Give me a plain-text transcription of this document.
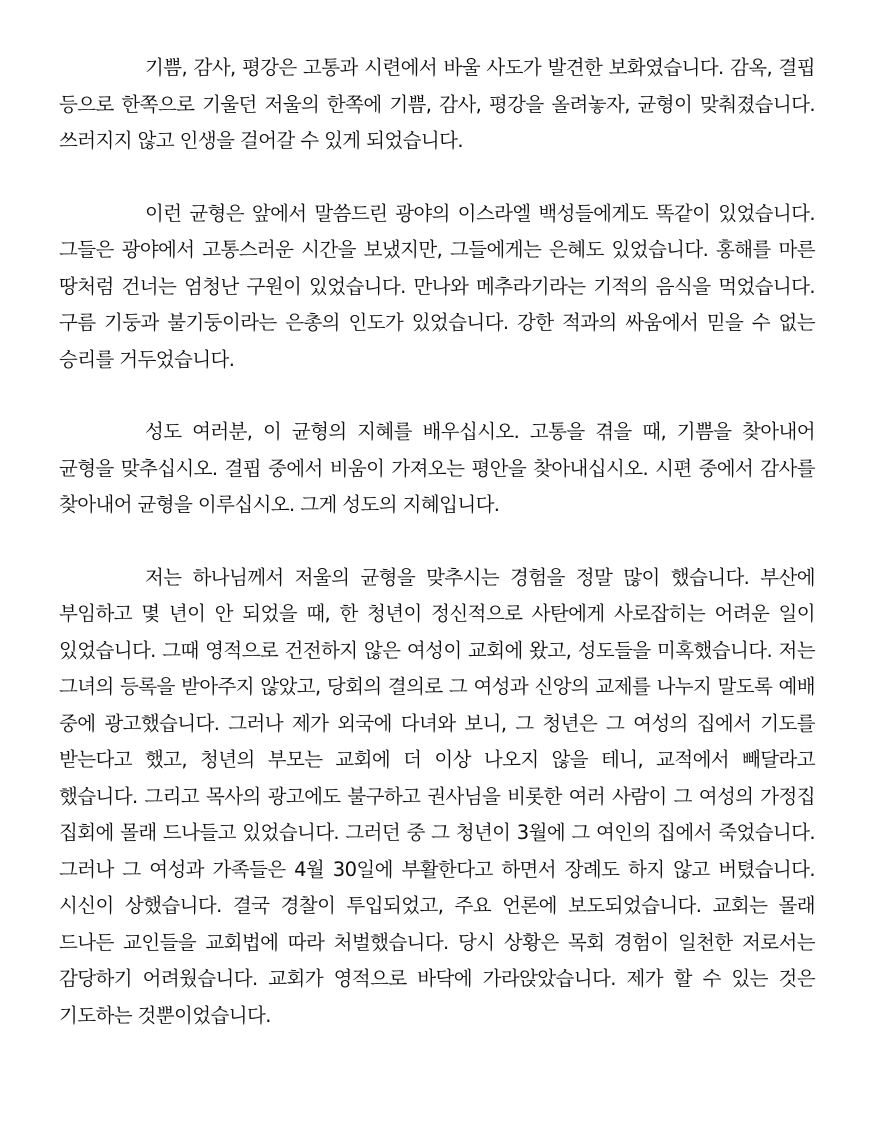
기쁨, 감사, 평강은 고통과 시련에서 바울 사도가 발견한 보화였습니다. 감옥, 결핍 등으로 한쪽으로 기울던 저울의 한쪽에 기쁨, 감사, 평강을 올려놓자, 균형이 맞춰졌습니다. 쓰러지지 않고 인생을 걸어갈 수 있게 되었습니다.

이런 균형은 앞에서 말씀드린 광야의 이스라엘 백성들에게도 똑같이 있었습니다. 그들은 광야에서 고통스러운 시간을 보냈지만, 그들에게는 은혜도 있었습니다. 홍해를 마른 땅처럼 건너는 엄청난 구원이 있었습니다. 만나와 메추라기라는 기적의 음식을 먹었습니다. 구름 기둥과 불기둥이라는 은총의 인도가 있었습니다. 강한 적과의 싸움에서 믿을 수 없는 승리를 거두었습니다.

성도 여러분, 이 균형의 지혜를 배우십시오. 고통을 겪을 때, 기쁨을 찾아내어 균형을 맞추십시오. 결핍 중에서 비움이 가져오는 평안을 찾아내십시오. 시편 중에서 감사를 찾아내어 균형을 이루십시오. 그게 성도의 지혜입니다.

저는 하나님께서 저울의 균형을 맞추시는 경험을 정말 많이 했습니다. 부산에 부임하고 몇 년이 안 되었을 때, 한 청년이 정신적으로 사탄에게 사로잡히는 어려운 일이 있었습니다. 그때 영적으로 건전하지 않은 여성이 교회에 왔고, 성도들을 미혹했습니다. 저는 그녀의 등록을 받아주지 않았고, 당회의 결의로 그 여성과 신앙의 교제를 나누지 말도록 예배 중에 광고했습니다. 그러나 제가 외국에 다녀와 보니, 그 청년은 그 여성의 집에서 기도를 받는다고 했고, 청년의 부모는 교회에 더 이상 나오지 않을 테니, 교적에서 빼달라고 했습니다. 그리고 목사의 광고에도 불구하고 권사님을 비롯한 여러 사람이 그 여성의 가정집 집회에 몰래 드나들고 있었습니다. 그러던 중 그 청년이 3월에 그 여인의 집에서 죽었습니다. 그러나 그 여성과 가족들은 4월 30일에 부활한다고 하면서 장례도 하지 않고 버텼습니다. 시신이 상했습니다. 결국 경찰이 투입되었고, 주요 언론에 보도되었습니다. 교회는 몰래 드나든 교인들을 교회법에 따라 처벌했습니다. 당시 상황은 목회 경험이 일천한 저로서는 감당하기 어려웠습니다. 교회가 영적으로 바닥에 가라앉았습니다. 제가 할 수 있는 것은 기도하는 것뿐이었습니다.
